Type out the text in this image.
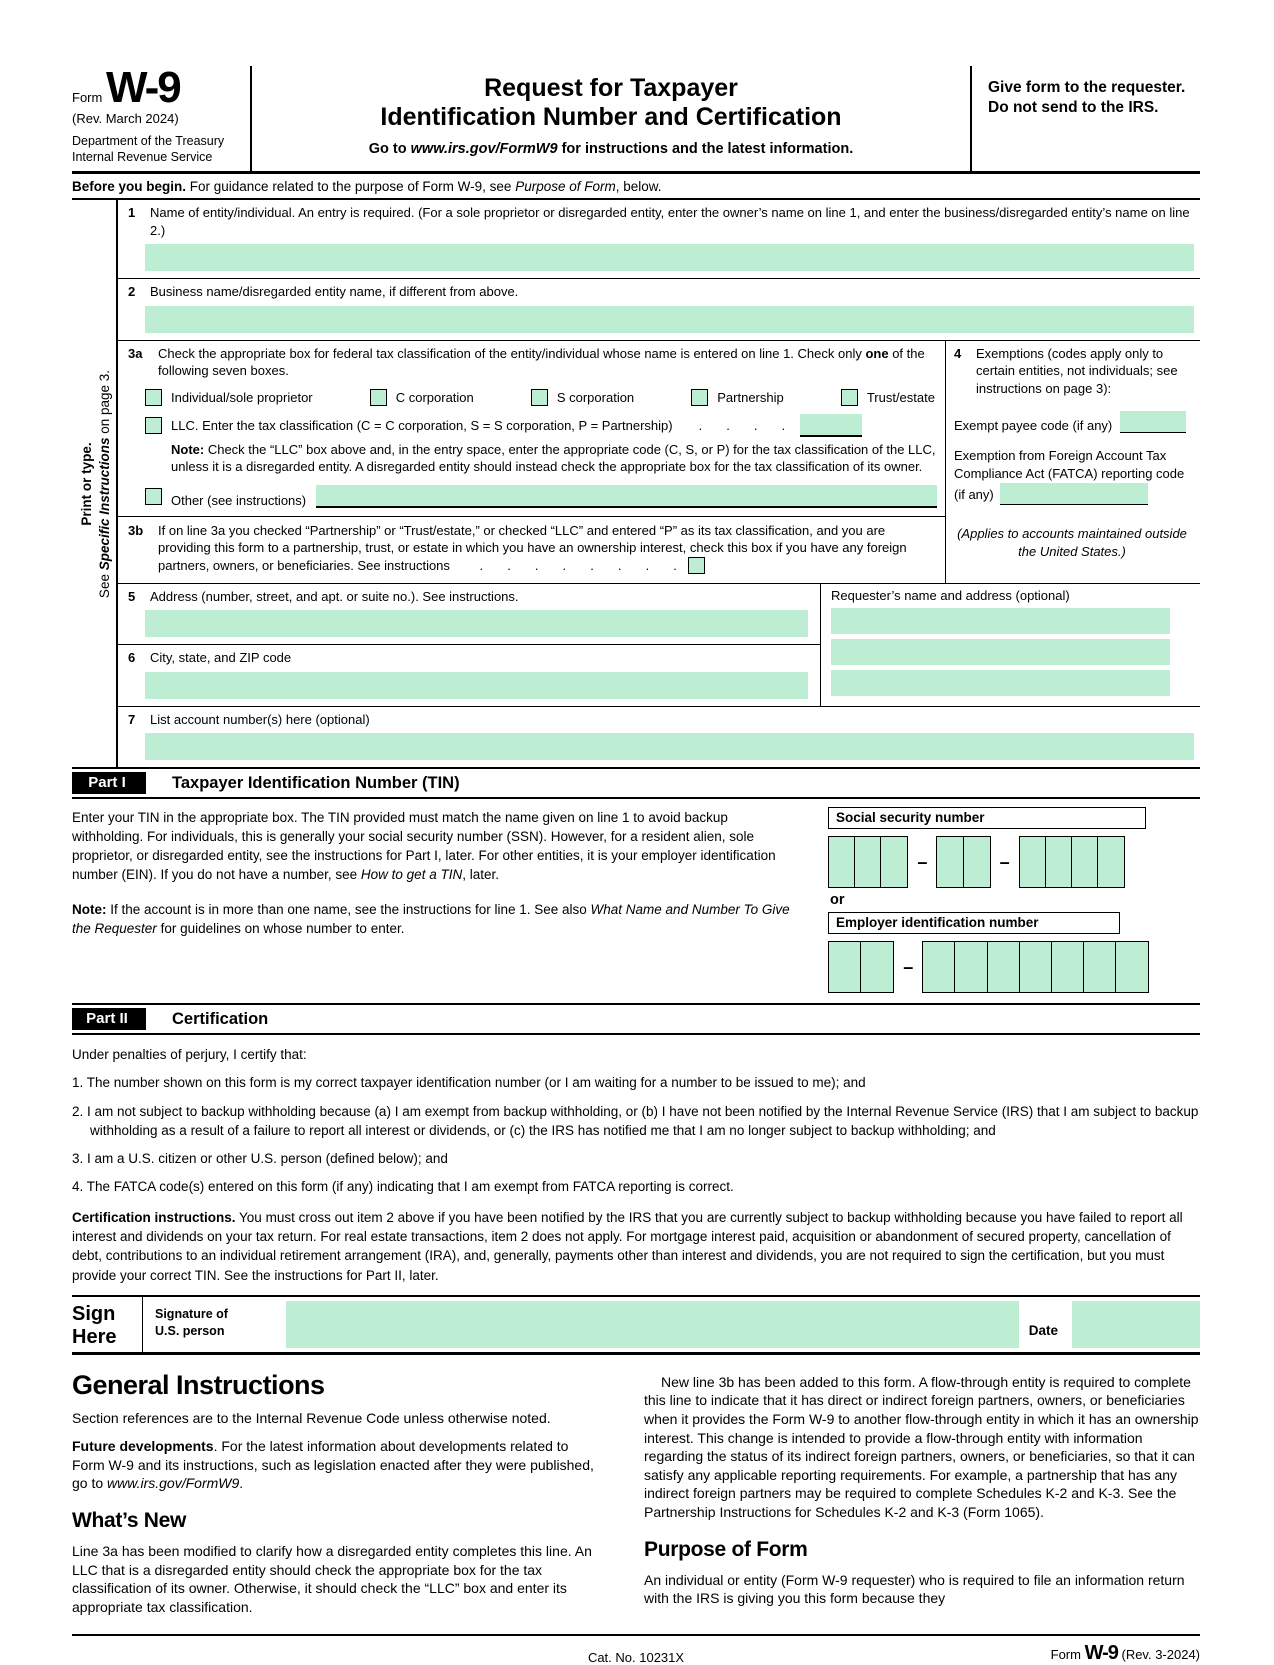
Form W-9
(Rev. March 2024)
Department of the Treasury
Internal Revenue Service
Request for Taxpayer
Identification Number and Certification
Go to www.irs.gov/FormW9 for instructions and the latest information.
Give form to the requester. Do not send to the IRS.
Before you begin. For guidance related to the purpose of Form W-9, see Purpose of Form, below.
Print or type.
See Specific Instructions on page 3.
1	Name of entity/individual. An entry is required. (For a sole proprietor or disregarded entity, enter the owner’s name on line 1, and enter the business/disregarded entity’s name on line 2.)
2	Business name/disregarded entity name, if different from above.
3a	Check the appropriate box for federal tax classification of the entity/individual whose name is entered on line 1. Check only one of the following seven boxes.
Individual/sole proprietor	C corporation	S corporation	Partnership	Trust/estate
LLC. Enter the tax classification (C = C corporation, S = S corporation, P = Partnership) .     .     .     .
Note: Check the “LLC” box above and, in the entry space, enter the appropriate code (C, S, or P) for the tax classification of the LLC, unless it is a disregarded entity. A disregarded entity should instead check the appropriate box for the tax classification of its owner.
Other (see instructions)
3b	If on line 3a you checked “Partnership” or “Trust/estate,” or checked “LLC” and entered “P” as its tax classification, and you are providing this form to a partnership, trust, or estate in which you have an ownership interest, check this box if you have any foreign partners, owners, or beneficiaries. See instructions .     .     .     .     .     .     .     .
4	Exemptions (codes apply only to certain entities, not individuals; see instructions on page 3):
Exempt payee code (if any)
Exemption from Foreign Account Tax Compliance Act (FATCA) reporting code (if any)
(Applies to accounts maintained outside the United States.)
5	Address (number, street, and apt. or suite no.). See instructions.
6	City, state, and ZIP code
Requester’s name and address (optional)
7	List account number(s) here (optional)
Part I	Taxpayer Identification Number (TIN)

Enter your TIN in the appropriate box. The TIN provided must match the name given on line 1 to avoid backup withholding. For individuals, this is generally your social security number (SSN). However, for a resident alien, sole proprietor, or disregarded entity, see the instructions for Part I, later. For other entities, it is your employer identification number (EIN). If you do not have a number, see How to get a TIN, later.

Note: If the account is in more than one name, see the instructions for line 1. See also What Name and Number To Give the Requester for guidelines on whose number to enter.

Social security number
–	–
or
Employer identification number
–
Part II	Certification

Under penalties of perjury, I certify that:

1. The number shown on this form is my correct taxpayer identification number (or I am waiting for a number to be issued to me); and

2. I am not subject to backup withholding because (a) I am exempt from backup withholding, or (b) I have not been notified by the Internal Revenue Service (IRS) that I am subject to backup withholding as a result of a failure to report all interest or dividends, or (c) the IRS has notified me that I am no longer subject to backup withholding; and

3. I am a U.S. citizen or other U.S. person (defined below); and

4. The FATCA code(s) entered on this form (if any) indicating that I am exempt from FATCA reporting is correct.

Certification instructions. You must cross out item 2 above if you have been notified by the IRS that you are currently subject to backup withholding because you have failed to report all interest and dividends on your tax return. For real estate transactions, item 2 does not apply. For mortgage interest paid, acquisition or abandonment of secured property, cancellation of debt, contributions to an individual retirement arrangement (IRA), and, generally, payments other than interest and dividends, you are not required to sign the certification, but you must provide your correct TIN. See the instructions for Part II, later.

Sign
Here
Signature of
U.S. person	Date
General Instructions

Section references are to the Internal Revenue Code unless otherwise noted.

Future developments. For the latest information about developments related to Form W-9 and its instructions, such as legislation enacted after they were published, go to www.irs.gov/FormW9.

What’s New

Line 3a has been modified to clarify how a disregarded entity completes this line. An LLC that is a disregarded entity should check the appropriate box for the tax classification of its owner. Otherwise, it should check the “LLC” box and enter its appropriate tax classification.

New line 3b has been added to this form. A flow-through entity is required to complete this line to indicate that it has direct or indirect foreign partners, owners, or beneficiaries when it provides the Form W-9 to another flow-through entity in which it has an ownership interest. This change is intended to provide a flow-through entity with information regarding the status of its indirect foreign partners, owners, or beneficiaries, so that it can satisfy any applicable reporting requirements. For example, a partnership that has any indirect foreign partners may be required to complete Schedules K-2 and K-3. See the Partnership Instructions for Schedules K-2 and K-3 (Form 1065).

Purpose of Form

An individual or entity (Form W-9 requester) who is required to file an information return with the IRS is giving you this form because they

Cat. No. 10231X	Form W-9 (Rev. 3-2024)
